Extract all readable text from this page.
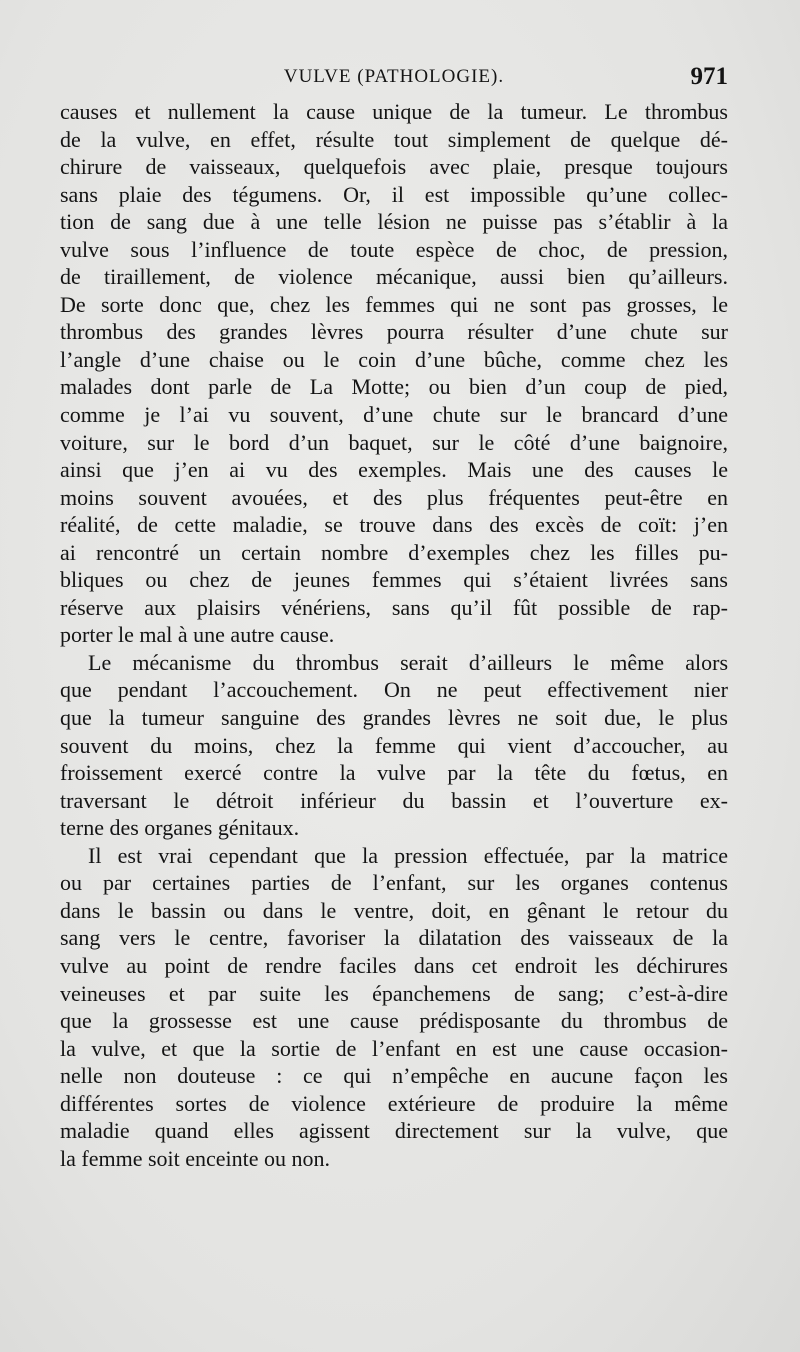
VULVE (PATHOLOGIE).	971
causes et nullement la cause unique de la tumeur. Le thrombus
de la vulve, en effet, résulte tout simplement de quelque dé-
chirure de vaisseaux, quelquefois avec plaie, presque toujours
sans plaie des tégumens. Or, il est impossible qu’une collec-
tion de sang due à une telle lésion ne puisse pas s’établir à la
vulve sous l’influence de toute espèce de choc, de pression,
de tiraillement, de violence mécanique, aussi bien qu’ailleurs.
De sorte donc que, chez les femmes qui ne sont pas grosses, le
thrombus des grandes lèvres pourra résulter d’une chute sur
l’angle d’une chaise ou le coin d’une bûche, comme chez les
malades dont parle de La Motte; ou bien d’un coup de pied,
comme je l’ai vu souvent, d’une chute sur le brancard d’une
voiture, sur le bord d’un baquet, sur le côté d’une baignoire,
ainsi que j’en ai vu des exemples. Mais une des causes le
moins souvent avouées, et des plus fréquentes peut-être en
réalité, de cette maladie, se trouve dans des excès de coït: j’en
ai rencontré un certain nombre d’exemples chez les filles pu-
bliques ou chez de jeunes femmes qui s’étaient livrées sans
réserve aux plaisirs vénériens, sans qu’il fût possible de rap-
porter le mal à une autre cause.
Le mécanisme du thrombus serait d’ailleurs le même alors
que pendant l’accouchement. On ne peut effectivement nier
que la tumeur sanguine des grandes lèvres ne soit due, le plus
souvent du moins, chez la femme qui vient d’accoucher, au
froissement exercé contre la vulve par la tête du fœtus, en
traversant le détroit inférieur du bassin et l’ouverture ex-
terne des organes génitaux.
Il est vrai cependant que la pression effectuée, par la matrice
ou par certaines parties de l’enfant, sur les organes contenus
dans le bassin ou dans le ventre, doit, en gênant le retour du
sang vers le centre, favoriser la dilatation des vaisseaux de la
vulve au point de rendre faciles dans cet endroit les déchirures
veineuses et par suite les épanchemens de sang; c’est-à-dire
que la grossesse est une cause prédisposante du thrombus de
la vulve, et que la sortie de l’enfant en est une cause occasion-
nelle non douteuse : ce qui n’empêche en aucune façon les
différentes sortes de violence extérieure de produire la même
maladie quand elles agissent directement sur la vulve, que
la femme soit enceinte ou non.
